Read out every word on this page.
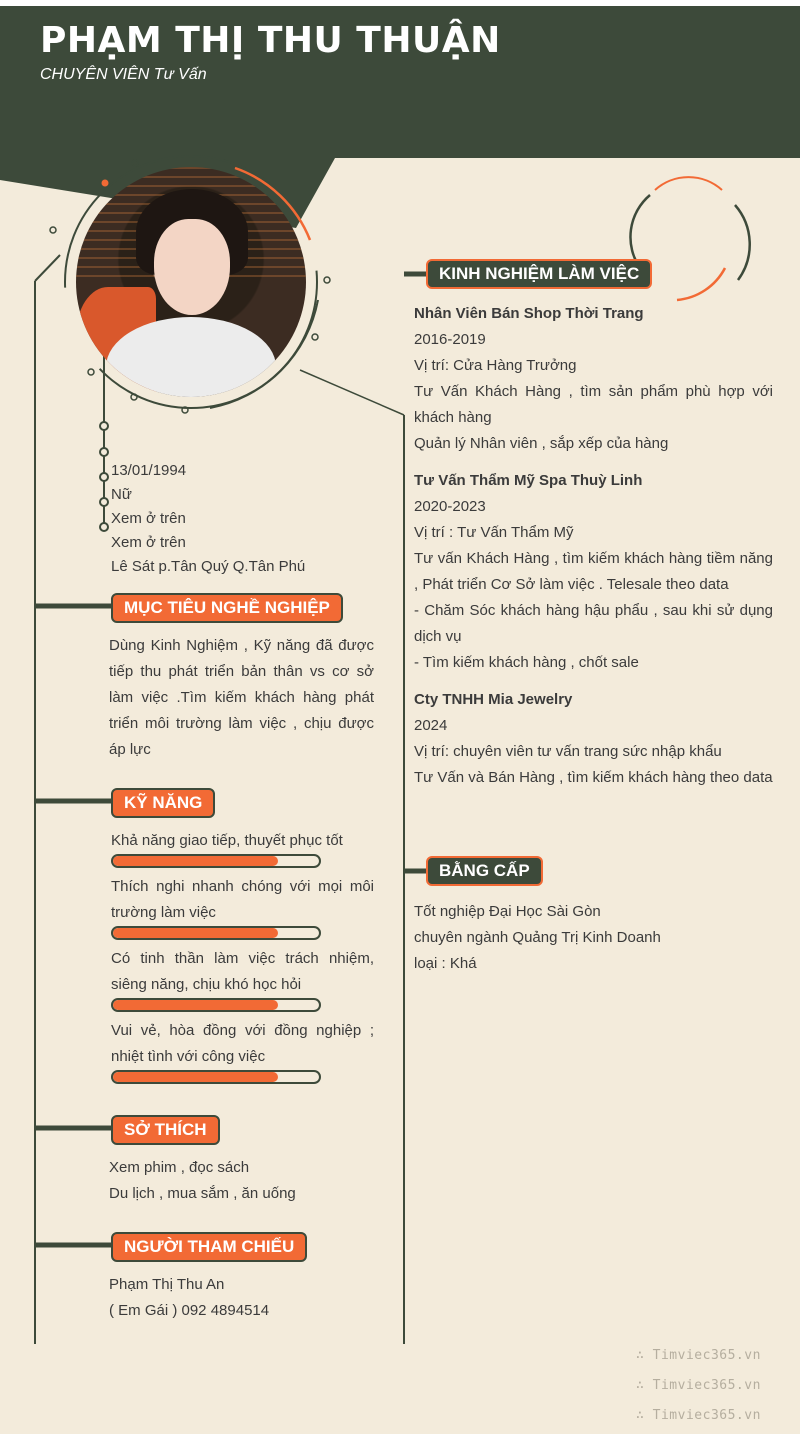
PHẠM THỊ THU THUẬN
CHUYÊN VIÊN Tư Vấn
13/01/1994
Nữ
Xem ở trên
Xem ở trên
Lê Sát p.Tân Quý Q.Tân Phú
MỤC TIÊU NGHỀ NGHIỆP
Dùng Kinh Nghiệm , Kỹ năng đã được tiếp thu phát triển bản thân vs cơ sở làm việc .Tìm kiếm khách hàng phát triển môi trường làm việc , chịu được áp lực
KỸ NĂNG
Khả năng giao tiếp, thuyết phục tốt
Thích nghi nhanh chóng với mọi môi trường làm việc
Có tinh thần làm việc trách nhiệm, siêng năng, chịu khó học hỏi
Vui vẻ, hòa đồng với đồng nghiệp ; nhiệt tình với công việc
SỞ THÍCH
Xem phim , đọc sách
Du lịch , mua sắm , ăn uống
NGƯỜI THAM CHIẾU
Phạm Thị Thu An
( Em Gái ) 092 4894514
KINH NGHIỆM LÀM VIỆC
Nhân Viên Bán Shop Thời Trang
2016-2019

Vị trí: Cửa Hàng Trưởng

Tư Vấn Khách Hàng , tìm sản phẩm phù hợp với khách hàng

Quản lý Nhân viên , sắp xếp của hàng

Tư Vấn Thẩm Mỹ Spa Thuỳ Linh
2020-2023

Vị trí : Tư Vấn Thẩm Mỹ

Tư vấn Khách Hàng , tìm kiếm khách hàng tiềm năng , Phát triển Cơ Sở làm việc . Telesale theo data

- Chăm Sóc khách hàng hậu phẩu , sau khi sử dụng dịch vụ

- Tìm kiếm khách hàng , chốt sale

Cty TNHH Mia Jewelry
2024

Vị trí: chuyên viên tư vấn trang sức nhập khẩu

Tư Vấn và Bán Hàng , tìm kiếm khách hàng theo data

BẰNG CẤP
Tốt nghiệp Đại Học Sài Gòn
chuyên ngành Quảng Trị Kinh Doanh
loại : Khá
∴ Timviec365.vn
∴ Timviec365.vn
∴ Timviec365.vn
